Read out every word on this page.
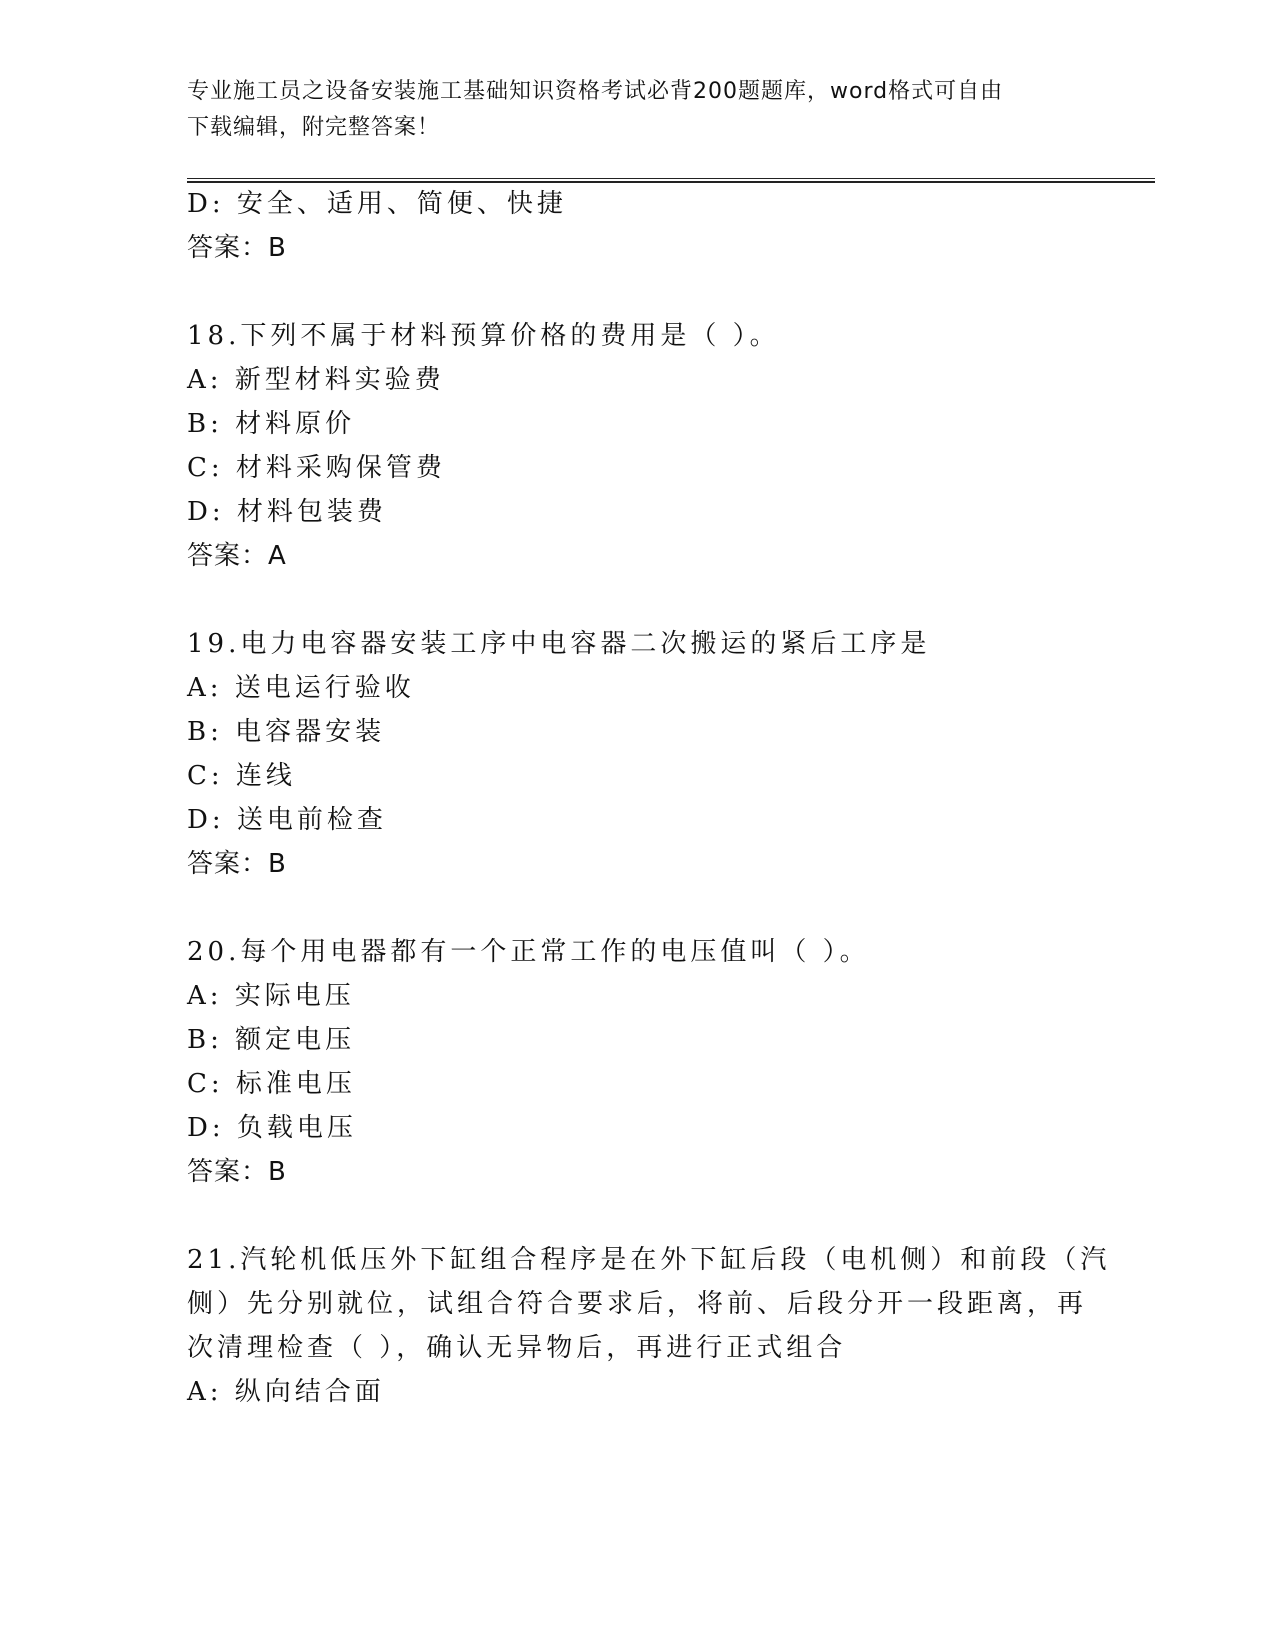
专业施工员之设备安装施工基础知识资格考试必背200题题库，word格式可自由
下载编辑，附完整答案！
D: 安全、适用、简便、快捷
答案：B
18.下列不属于材料预算价格的费用是（ ）。
A: 新型材料实验费
B: 材料原价
C: 材料采购保管费
D: 材料包装费
答案：A
19.电力电容器安装工序中电容器二次搬运的紧后工序是
A: 送电运行验收
B: 电容器安装
C: 连线
D: 送电前检查
答案：B
20.每个用电器都有一个正常工作的电压值叫（ ）。
A: 实际电压
B: 额定电压
C: 标准电压
D: 负载电压
答案：B
21.汽轮机低压外下缸组合程序是在外下缸后段（电机侧）和前段（汽
侧）先分别就位，试组合符合要求后，将前、后段分开一段距离，再
次清理检查（ ），确认无异物后，再进行正式组合
A: 纵向结合面
